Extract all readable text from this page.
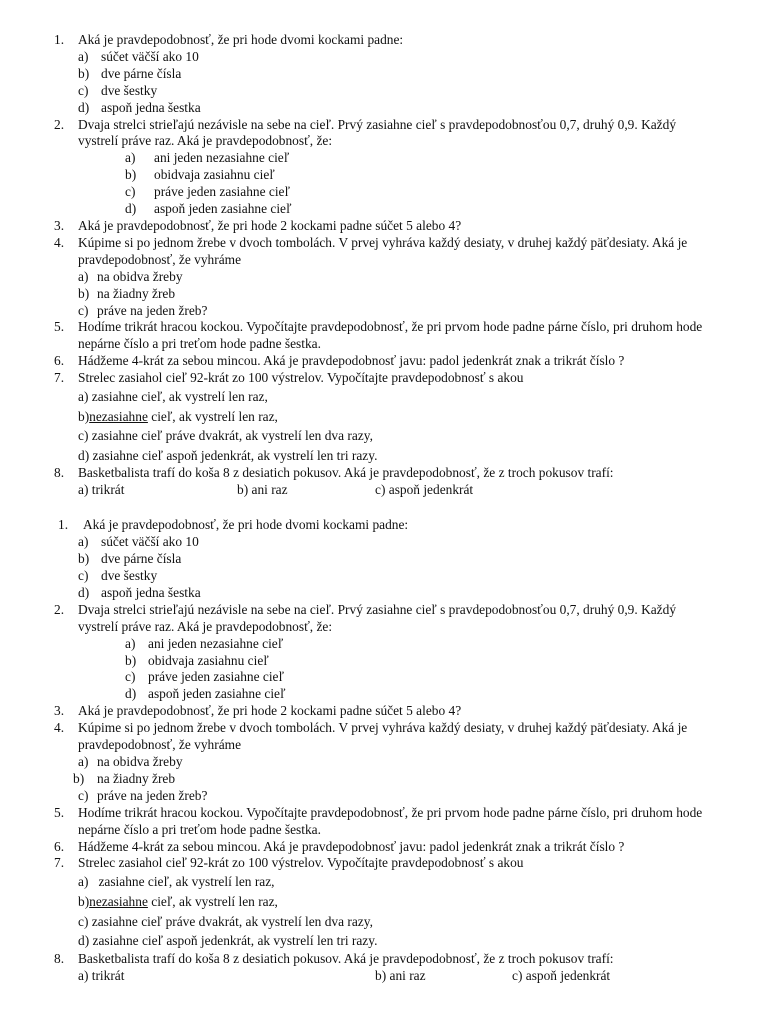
1. Aká je pravdepodobnosť, že pri hode dvomi kockami padne:
a) súčet väčší ako 10
b) dve párne čísla
c) dve šestky
d) aspoň jedna šestka
2. Dvaja strelci strieľajú nezávisle na sebe na cieľ. Prvý zasiahne cieľ s pravdepodobnosťou 0,7, druhý 0,9. Každý vystrelí práve raz. Aká je pravdepodobnosť, že:
a) ani jeden nezasiahne cieľ
b) obidvaja zasiahnu cieľ
c) práve jeden zasiahne cieľ
d) aspoň jeden zasiahne cieľ
3. Aká je pravdepodobnosť, že pri hode 2 kockami padne súčet 5 alebo 4?
4. Kúpime si po jednom žrebe v dvoch tombolách. V prvej vyhráva každý desiaty, v druhej každý päťdesiaty. Aká je pravdepodobnosť, že vyhráme
a) na obidva žreby
b) na žiadny žreb
c) práve na jeden žreb?
5. Hodíme trikrát hracou kockou. Vypočítajte pravdepodobnosť, že pri prvom hode padne párne číslo, pri druhom hode nepárne číslo a pri treťom hode padne šestka.
6. Hádžeme 4-krát za sebou mincou. Aká je pravdepodobnosť javu: padol jedenkrát znak a trikrát číslo ?
7. Strelec zasiahol cieľ 92-krát zo 100 výstrelov. Vypočítajte pravdepodobnosť s akou
a) zasiahne cieľ, ak vystrelí len raz,
b)nezasiahne cieľ, ak vystrelí len raz,
c) zasiahne cieľ práve dvakrát, ak vystrelí len dva razy,
d) zasiahne cieľ aspoň jedenkrát, ak vystrelí len tri razy.
8. Basketbalista trafí do koša 8 z desiatich pokusov. Aká je pravdepodobnosť, že z troch pokusov trafí:
a) trikrát	b) ani raz	c) aspoň jedenkrát
1. Aká je pravdepodobnosť, že pri hode dvomi kockami padne:
a) súčet väčší ako 10
b) dve párne čísla
c) dve šestky
d) aspoň jedna šestka
2. Dvaja strelci strieľajú nezávisle na sebe na cieľ. Prvý zasiahne cieľ s pravdepodobnosťou 0,7, druhý 0,9. Každý vystrelí práve raz. Aká je pravdepodobnosť, že:
a) ani jeden nezasiahne cieľ
b) obidvaja zasiahnu cieľ
c) práve jeden zasiahne cieľ
d) aspoň jeden zasiahne cieľ
3. Aká je pravdepodobnosť, že pri hode 2 kockami padne súčet 5 alebo 4?
4. Kúpime si po jednom žrebe v dvoch tombolách. V prvej vyhráva každý desiaty, v druhej každý päťdesiaty. Aká je pravdepodobnosť, že vyhráme
a) na obidva žreby
b) na žiadny žreb
c) práve na jeden žreb?
5. Hodíme trikrát hracou kockou. Vypočítajte pravdepodobnosť, že pri prvom hode padne párne číslo, pri druhom hode nepárne číslo a pri treťom hode padne šestka.
6. Hádžeme 4-krát za sebou mincou. Aká je pravdepodobnosť javu: padol jedenkrát znak a trikrát číslo ?
7. Strelec zasiahol cieľ 92-krát zo 100 výstrelov. Vypočítajte pravdepodobnosť s akou
a)   zasiahne cieľ, ak vystrelí len raz,
b)nezasiahne cieľ, ak vystrelí len raz,
c) zasiahne cieľ práve dvakrát, ak vystrelí len dva razy,
d) zasiahne cieľ aspoň jedenkrát, ak vystrelí len tri razy.
8. Basketbalista trafí do koša 8 z desiatich pokusov. Aká je pravdepodobnosť, že z troch pokusov trafí:
a) trikrát	b) ani raz	c) aspoň jedenkrát
